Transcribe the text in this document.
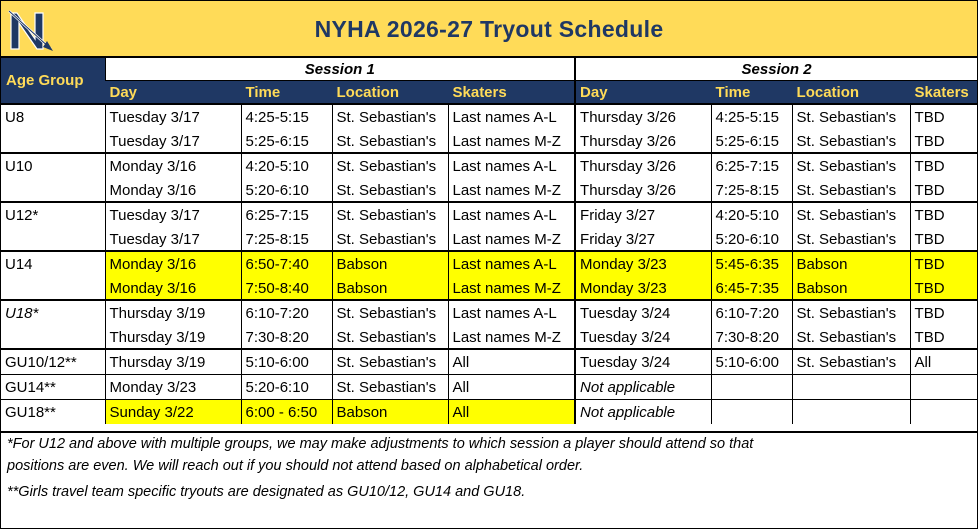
NYHA 2026-27 Tryout Schedule
Age Group	Session 1				Session 2			
	Day	Time	Location	Skaters	Day	Time	Location	Skaters
U8	Tuesday 3/17	4:25-5:15	St. Sebastian's	Last names A-L	Thursday 3/26	4:25-5:15	St. Sebastian's	TBD
	Tuesday 3/17	5:25-6:15	St. Sebastian's	Last names M-Z	Thursday 3/26	5:25-6:15	St. Sebastian's	TBD
U10	Monday 3/16	4:20-5:10	St. Sebastian's	Last names A-L	Thursday 3/26	6:25-7:15	St. Sebastian's	TBD
	Monday 3/16	5:20-6:10	St. Sebastian's	Last names M-Z	Thursday 3/26	7:25-8:15	St. Sebastian's	TBD
U12*	Tuesday 3/17	6:25-7:15	St. Sebastian's	Last names A-L	Friday 3/27	4:20-5:10	St. Sebastian's	TBD
	Tuesday 3/17	7:25-8:15	St. Sebastian's	Last names M-Z	Friday 3/27	5:20-6:10	St. Sebastian's	TBD
U14	Monday 3/16	6:50-7:40	Babson	Last names A-L	Monday 3/23	5:45-6:35	Babson	TBD
	Monday 3/16	7:50-8:40	Babson	Last names M-Z	Monday 3/23	6:45-7:35	Babson	TBD
U18*	Thursday 3/19	6:10-7:20	St. Sebastian's	Last names A-L	Tuesday 3/24	6:10-7:20	St. Sebastian's	TBD
	Thursday 3/19	7:30-8:20	St. Sebastian's	Last names M-Z	Tuesday 3/24	7:30-8:20	St. Sebastian's	TBD
GU10/12**	Thursday 3/19	5:10-6:00	St. Sebastian's	All	Tuesday 3/24	5:10-6:00	St. Sebastian's	All
GU14**	Monday 3/23	5:20-6:10	St. Sebastian's	All	Not applicable			
GU18**	Sunday 3/22	6:00 - 6:50	Babson	All	Not applicable			
*For U12 and above with multiple groups, we may make adjustments to which session a player should attend so that
positions are even. We will reach out if you should not attend based on alphabetical order.
**Girls travel team specific tryouts are designated as GU10/12, GU14 and GU18.
